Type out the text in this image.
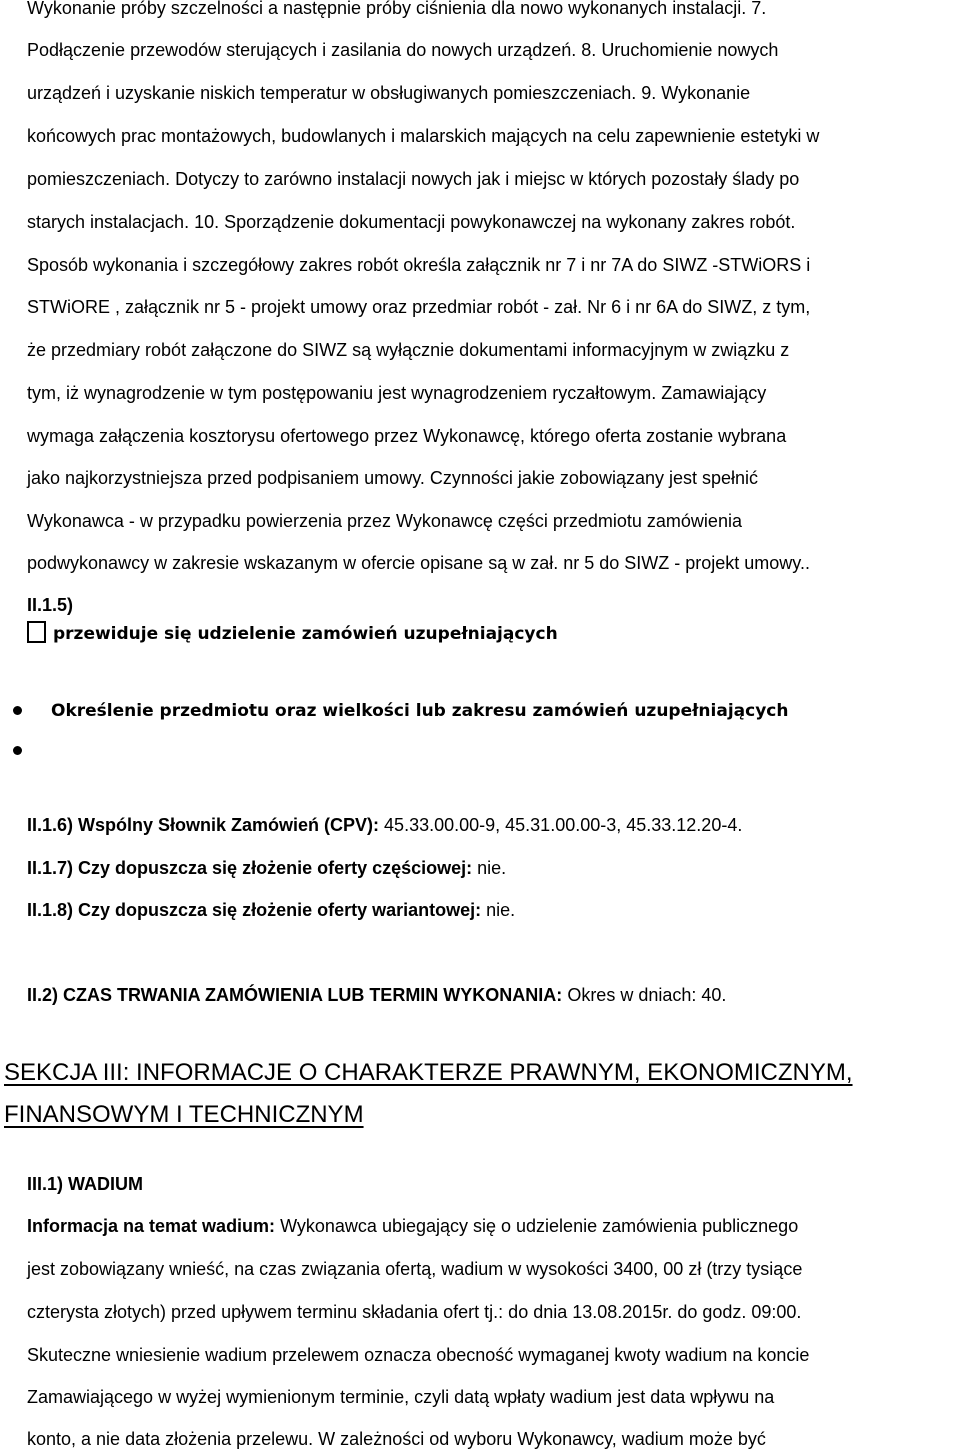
Wykonanie próby szczelności a następnie próby ciśnienia dla nowo wykonanych instalacji. 7.
Podłączenie przewodów sterujących i zasilania do nowych urządzeń. 8. Uruchomienie nowych
urządzeń i uzyskanie niskich temperatur w obsługiwanych pomieszczeniach. 9. Wykonanie
końcowych prac montażowych, budowlanych i malarskich mających na celu zapewnienie estetyki w
pomieszczeniach. Dotyczy to zarówno instalacji nowych jak i miejsc w których pozostały ślady po
starych instalacjach. 10. Sporządzenie dokumentacji powykonawczej na wykonany zakres robót.
Sposób wykonania i szczegółowy zakres robót określa załącznik nr 7 i nr 7A do SIWZ -STWiORS i
STWiORE , załącznik nr 5 - projekt umowy oraz przedmiar robót - zał. Nr 6 i nr 6A do SIWZ, z tym,
że przedmiary robót załączone do SIWZ są wyłącznie dokumentami informacyjnym w związku z
tym, iż wynagrodzenie w tym postępowaniu jest wynagrodzeniem ryczałtowym. Zamawiający
wymaga załączenia kosztorysu ofertowego przez Wykonawcę, którego oferta zostanie wybrana
jako najkorzystniejsza przed podpisaniem umowy. Czynności jakie zobowiązany jest spełnić
Wykonawca - w przypadku powierzenia przez Wykonawcę części przedmiotu zamówienia
podwykonawcy w zakresie wskazanym w ofercie opisane są w zał. nr 5 do SIWZ - projekt umowy..
II.1.5)
przewiduje się udzielenie zamówień uzupełniających
Określenie przedmiotu oraz wielkości lub zakresu zamówień uzupełniających
II.1.6) Wspólny Słownik Zamówień (CPV): 45.33.00.00-9, 45.31.00.00-3, 45.33.12.20-4.
II.1.7) Czy dopuszcza się złożenie oferty częściowej: nie.
II.1.8) Czy dopuszcza się złożenie oferty wariantowej: nie.
II.2) CZAS TRWANIA ZAMÓWIENIA LUB TERMIN WYKONANIA: Okres w dniach: 40.
SEKCJA III: INFORMACJE O CHARAKTERZE PRAWNYM, EKONOMICZNYM,
FINANSOWYM I TECHNICZNYM
III.1) WADIUM
Informacja na temat wadium: Wykonawca ubiegający się o udzielenie zamówienia publicznego
jest zobowiązany wnieść, na czas związania ofertą, wadium w wysokości 3400, 00 zł (trzy tysiące
czterysta złotych) przed upływem terminu składania ofert tj.: do dnia 13.08.2015r. do godz. 09:00.
Skuteczne wniesienie wadium przelewem oznacza obecność wymaganej kwoty wadium na koncie
Zamawiającego w wyżej wymienionym terminie, czyli datą wpłaty wadium jest data wpływu na
konto, a nie data złożenia przelewu. W zależności od wyboru Wykonawcy, wadium może być
